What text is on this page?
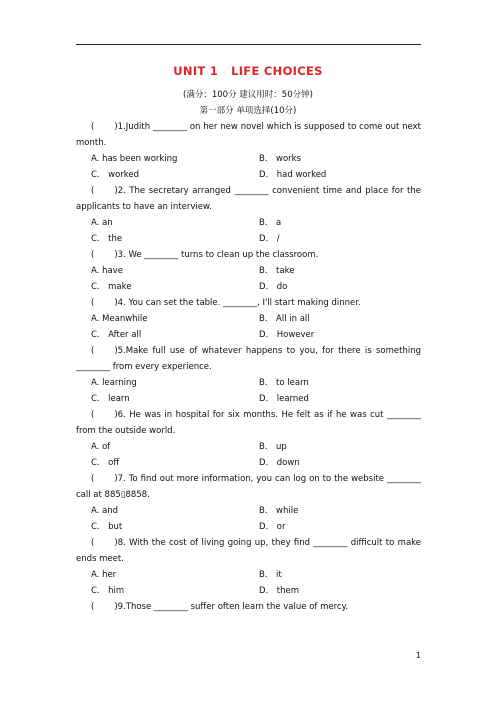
UNIT 1   LIFE CHOICES
(满分：100分 建议用时：50分钟)
第一部分 单项选择(10分)
( )1.Judith ________ on her new novel which is supposed to come out next month.
A. has been working	B． works
C． worked	D． had worked
( )2. The secretary arranged ________ convenient time and place for the applicants to have an interview.
A. an	B． a
C． the	D． /
( )3. We ________ turns to clean up the classroom.
A. have	B． take
C． make	D． do
( )4. You can set the table. ________, I'll start making dinner.
A. Meanwhile	B． All in all
C． After all	D． However
( )5.Make full use of whatever happens to you, for there is something ________ from every experience.
A. learning	B． to learn
C． learn	D． learned
( )6. He was in hospital for six months. He felt as if he was cut ________ from the outside world.
A. of	B． up
C． off	D． down
( )7. To find out more information, you can log on to the website ________ call at 885▯8858.
A. and	B． while
C． but	D． or
( )8. With the cost of living going up, they find ________ difficult to make ends meet.
A. her	B． it
C． him	D． them
( )9.Those ________ suffer often learn the value of mercy.
1
